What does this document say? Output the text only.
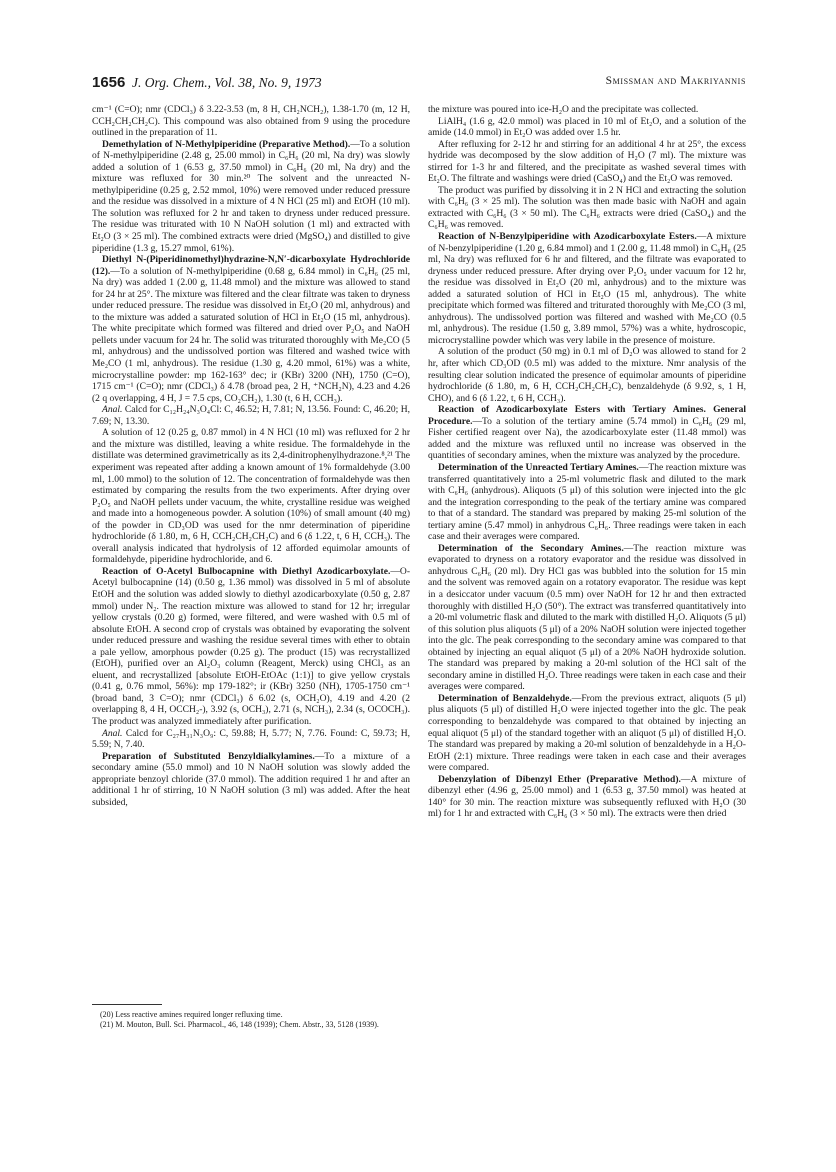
1656 J. Org. Chem., Vol. 38, No. 9, 1973	Smissman and Makriyannis

cm⁻¹ (C=O); nmr (CDCl₃) δ 3.22-3.53 (m, 8 H, CH₂NCH₂), 1.38-1.70 (m, 12 H, CCH₂CH₂CH₂C). This compound was also obtained from 9 using the procedure outlined in the preparation of 11.

Demethylation of N-Methylpiperidine (Preparative Method).—To a solution of N-methylpiperidine (2.48 g, 25.00 mmol) in C₆H₆ (20 ml, Na dry) was slowly added a solution of 1 (6.53 g, 37.50 mmol) in C₆H₆ (20 ml, Na dry) and the mixture was refluxed for 30 min.²⁰ The solvent and the unreacted N-methylpiperidine (0.25 g, 2.52 mmol, 10%) were removed under reduced pressure and the residue was dissolved in a mixture of 4 N HCl (25 ml) and EtOH (10 ml). The solution was refluxed for 2 hr and taken to dryness under reduced pressure. The residue was triturated with 10 N NaOH solution (1 ml) and extracted with Et₂O (3 × 25 ml). The combined extracts were dried (MgSO₄) and distilled to give piperidine (1.3 g, 15.27 mmol, 61%).

Diethyl N-(Piperidinomethyl)hydrazine-N,N′-dicarboxylate Hydrochloride (12).—To a solution of N-methylpiperidine (0.68 g, 6.84 mmol) in C₆H₆ (25 ml, Na dry) was added 1 (2.00 g, 11.48 mmol) and the mixture was allowed to stand for 24 hr at 25°. The mixture was filtered and the clear filtrate was taken to dryness under reduced pressure. The residue was dissolved in Et₂O (20 ml, anhydrous) and to the mixture was added a saturated solution of HCl in Et₂O (15 ml, anhydrous). The white precipitate which formed was filtered and dried over P₂O₅ and NaOH pellets under vacuum for 24 hr. The solid was triturated thoroughly with Me₂CO (5 ml, anhydrous) and the undissolved portion was filtered and washed twice with Me₂CO (1 ml, anhydrous). The residue (1.30 g, 4.20 mmol, 61%) was a white, microcrystalline powder: mp 162-163° dec; ir (KBr) 3200 (NH), 1750 (C=O), 1715 cm⁻¹ (C=O); nmr (CDCl₃) δ 4.78 (broad pea, 2 H, ⁺NCH₂N), 4.23 and 4.26 (2 q overlapping, 4 H, J = 7.5 cps, CO₂CH₂), 1.30 (t, 6 H, CCH₃).

Anal. Calcd for C₁₂H₂₄N₃O₄Cl: C, 46.52; H, 7.81; N, 13.56. Found: C, 46.20; H, 7.69; N, 13.30.

A solution of 12 (0.25 g, 0.87 mmol) in 4 N HCl (10 ml) was refluxed for 2 hr and the mixture was distilled, leaving a white residue. The formaldehyde in the distillate was determined gravimetrically as its 2,4-dinitrophenylhydrazone.⁸,²¹ The experiment was repeated after adding a known amount of 1% formaldehyde (3.00 ml, 1.00 mmol) to the solution of 12. The concentration of formaldehyde was then estimated by comparing the results from the two experiments. After drying over P₂O₅ and NaOH pellets under vacuum, the white, crystalline residue was weighed and made into a homogeneous powder. A solution (10%) of small amount (40 mg) of the powder in CD₃OD was used for the nmr determination of piperidine hydrochloride (δ 1.80, m, 6 H, CCH₂CH₂CH₂C) and 6 (δ 1.22, t, 6 H, CCH₃). The overall analysis indicated that hydrolysis of 12 afforded equimolar amounts of formaldehyde, piperidine hydrochloride, and 6.

Reaction of O-Acetyl Bulbocapnine with Diethyl Azodicarboxylate.—O-Acetyl bulbocapnine (14) (0.50 g, 1.36 mmol) was dissolved in 5 ml of absolute EtOH and the solution was added slowly to diethyl azodicarboxylate (0.50 g, 2.87 mmol) under N₂. The reaction mixture was allowed to stand for 12 hr; irregular yellow crystals (0.20 g) formed, were filtered, and were washed with 0.5 ml of absolute EtOH. A second crop of crystals was obtained by evaporating the solvent under reduced pressure and washing the residue several times with ether to obtain a pale yellow, amorphous powder (0.25 g). The product (15) was recrystallized (EtOH), purified over an Al₂O₃ column (Reagent, Merck) using CHCl₃ as an eluent, and recrystallized [absolute EtOH-EtOAc (1:1)] to give yellow crystals (0.41 g, 0.76 mmol, 56%): mp 179-182°; ir (KBr) 3250 (NH), 1705-1750 cm⁻¹ (broad band, 3 C=O); nmr (CDCl₃) δ 6.02 (s, OCH₂O), 4.19 and 4.20 (2 overlapping 8, 4 H, OCCH₂-), 3.92 (s, OCH₃), 2.71 (s, NCH₃), 2.34 (s, OCOCH₃). The product was analyzed immediately after purification.

Anal. Calcd for C₂₇H₃₁N₃O₉: C, 59.88; H, 5.77; N, 7.76. Found: C, 59.73; H, 5.59; N, 7.40.

Preparation of Substituted Benzyldialkylamines.—To a mixture of a secondary amine (55.0 mmol) and 10 N NaOH solution was slowly added the appropriate benzoyl chloride (37.0 mmol). The addition required 1 hr and after an additional 1 hr of stirring, 10 N NaOH solution (3 ml) was added. After the heat subsided,

(20) Less reactive amines required longer refluxing time.

(21) M. Mouton, Bull. Sci. Pharmacol., 46, 148 (1939); Chem. Abstr., 33, 5128 (1939).

the mixture was poured into ice-H₂O and the precipitate was collected.

LiAlH₄ (1.6 g, 42.0 mmol) was placed in 10 ml of Et₂O, and a solution of the amide (14.0 mmol) in Et₂O was added over 1.5 hr.

After refluxing for 2-12 hr and stirring for an additional 4 hr at 25°, the excess hydride was decomposed by the slow addition of H₂O (7 ml). The mixture was stirred for 1-3 hr and filtered, and the precipitate as washed several times with Et₂O. The filtrate and washings were dried (CaSO₄) and the Et₂O was removed.

The product was purified by dissolving it in 2 N HCl and extracting the solution with C₆H₆ (3 × 25 ml). The solution was then made basic with NaOH and again extracted with C₆H₆ (3 × 50 ml). The C₆H₆ extracts were dried (CaSO₄) and the C₆H₆ was removed.

Reaction of N-Benzylpiperidine with Azodicarboxylate Esters.—A mixture of N-benzylpiperidine (1.20 g, 6.84 mmol) and 1 (2.00 g, 11.48 mmol) in C₆H₆ (25 ml, Na dry) was refluxed for 6 hr and filtered, and the filtrate was evaporated to dryness under reduced pressure. After drying over P₂O₅ under vacuum for 12 hr, the residue was dissolved in Et₂O (20 ml, anhydrous) and to the mixture was added a saturated solution of HCl in Et₂O (15 ml, anhydrous). The white precipitate which formed was filtered and triturated thoroughly with Me₂CO (3 ml, anhydrous). The undissolved portion was filtered and washed with Me₂CO (0.5 ml, anhydrous). The residue (1.50 g, 3.89 mmol, 57%) was a white, hydroscopic, microcrystalline powder which was very labile in the presence of moisture.

A solution of the product (50 mg) in 0.1 ml of D₂O was allowed to stand for 2 hr, after which CD₃OD (0.5 ml) was added to the mixture. Nmr analysis of the resulting clear solution indicated the presence of equimolar amounts of piperidine hydrochloride (δ 1.80, m, 6 H, CCH₂CH₂CH₂C), benzaldehyde (δ 9.92, s, 1 H, CHO), and 6 (δ 1.22, t, 6 H, CCH₃).

Reaction of Azodicarboxylate Esters with Tertiary Amines. General Procedure.—To a solution of the tertiary amine (5.74 mmol) in C₆H₆ (29 ml, Fisher certified reagent over Na), the azodicarboxylate ester (11.48 mmol) was added and the mixture was refluxed until no increase was observed in the quantities of secondary amines, when the mixture was analyzed by the procedure.

Determination of the Unreacted Tertiary Amines.—The reaction mixture was transferred quantitatively into a 25-ml volumetric flask and diluted to the mark with C₆H₆ (anhydrous). Aliquots (5 μl) of this solution were injected into the glc and the integration corresponding to the peak of the tertiary amine was compared to that of a standard. The standard was prepared by making 25-ml solution of the tertiary amine (5.47 mmol) in anhydrous C₆H₆. Three readings were taken in each case and their averages were compared.

Determination of the Secondary Amines.—The reaction mixture was evaporated to dryness on a rotatory evaporator and the residue was dissolved in anhydrous C₆H₆ (20 ml). Dry HCl gas was bubbled into the solution for 15 min and the solvent was removed again on a rotatory evaporator. The residue was kept in a desiccator under vacuum (0.5 mm) over NaOH for 12 hr and then extracted thoroughly with distilled H₂O (50°). The extract was transferred quantitatively into a 20-ml volumetric flask and diluted to the mark with distilled H₂O. Aliquots (5 μl) of this solution plus aliquots (5 μl) of a 20% NaOH solution were injected together into the glc. The peak corresponding to the secondary amine was compared to that obtained by injecting an equal aliquot (5 μl) of a 20% NaOH hydroxide solution. The standard was prepared by making a 20-ml solution of the HCl salt of the secondary amine in distilled H₂O. Three readings were taken in each case and their averages were compared.

Determination of Benzaldehyde.—From the previous extract, aliquots (5 μl) plus aliquots (5 μl) of distilled H₂O were injected together into the glc. The peak corresponding to benzaldehyde was compared to that obtained by injecting an equal aliquot (5 μl) of the standard together with an aliquot (5 μl) of distilled H₂O. The standard was prepared by making a 20-ml solution of benzaldehyde in a H₂O-EtOH (2:1) mixture. Three readings were taken in each case and their averages were compared.

Debenzylation of Dibenzyl Ether (Preparative Method).—A mixture of dibenzyl ether (4.96 g, 25.00 mmol) and 1 (6.53 g, 37.50 mmol) was heated at 140° for 30 min. The reaction mixture was subsequently refluxed with H₂O (30 ml) for 1 hr and extracted with C₆H₆ (3 × 50 ml). The extracts were then dried
